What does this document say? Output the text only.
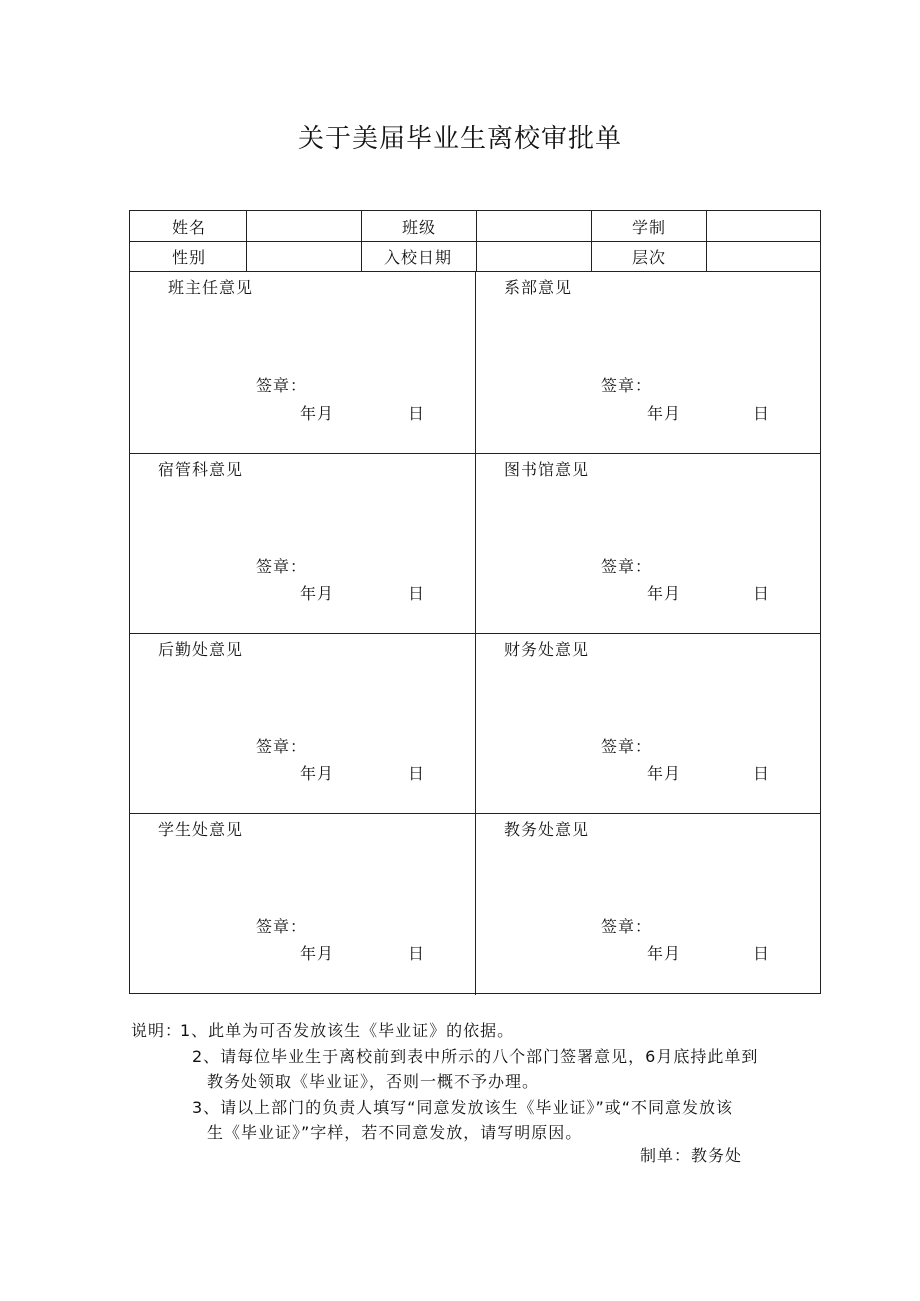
关于美届毕业生离校审批单
姓名	班级	学制
性别	入校日期	层次
班主任意见
签章：
年月	日
系部意见
签章：
年月	日
宿管科意见
签章：
年月	日
图书馆意见
签章：
年月	日
后勤处意见
签章：
年月	日
财务处意见
签章：
年月	日
学生处意见
签章：
年月	日
教务处意见
签章：
年月	日
说明：
1、此单为可否发放该生《毕业证》的依据。
2、请每位毕业生于离校前到表中所示的八个部门签署意见，6月底持此单到
教务处领取《毕业证》，否则一概不予办理。
3、请以上部门的负责人填写“同意发放该生《毕业证》”或“不同意发放该
生《毕业证》”字样，若不同意发放，请写明原因。
制单：教务处
